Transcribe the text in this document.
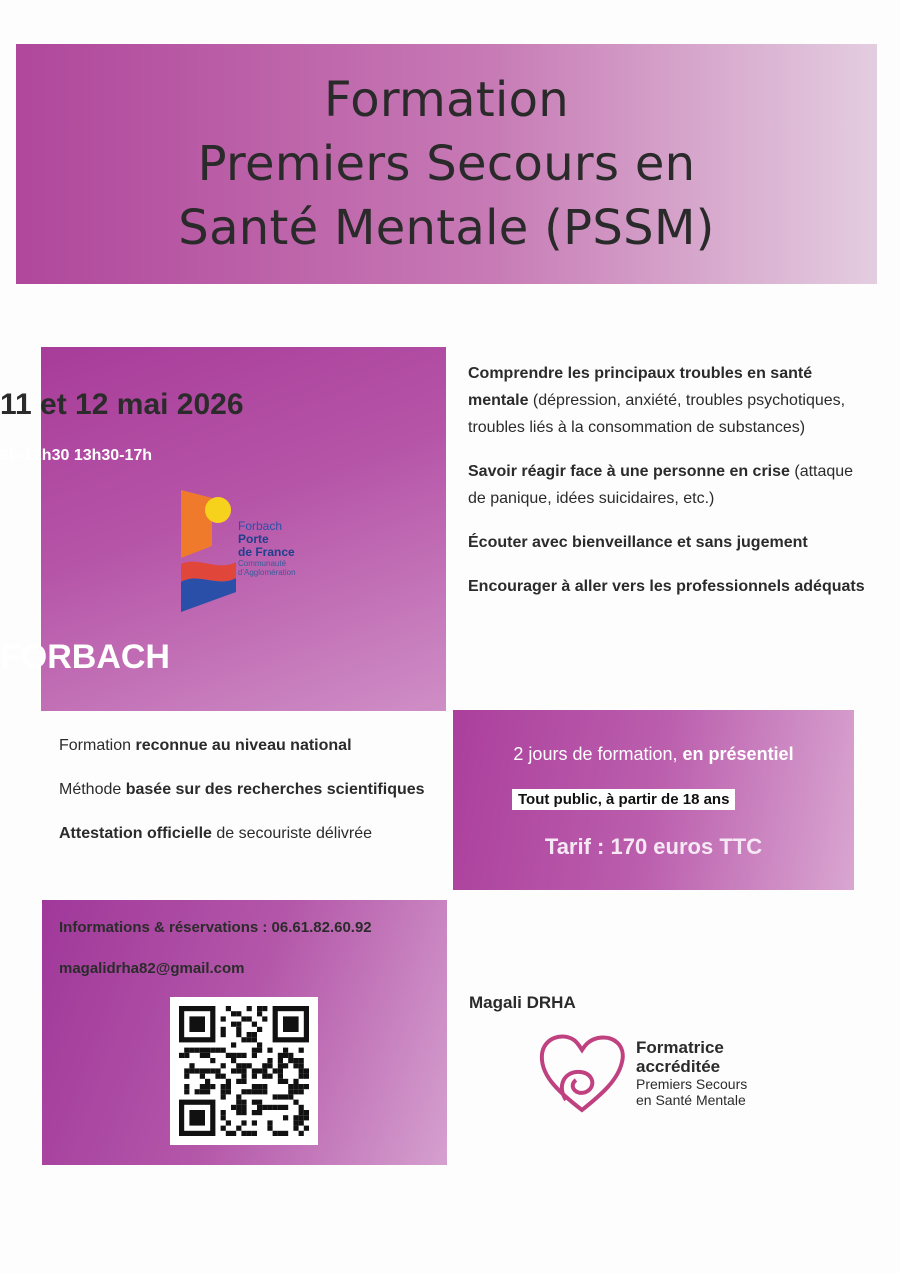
Formation
Premiers Secours en
Santé Mentale (PSSM)
11 et 12 mai 2026
9h-12h30 13h30-17h
Forbach
Porte
de France
Communauté
d'Agglomération
FORBACH

Comprendre les principaux troubles en santé mentale (dépression, anxiété, troubles psychotiques, troubles liés à la consommation de substances)

Savoir réagir face à une personne en crise (attaque de panique, idées suicidaires, etc.)

Écouter avec bienveillance et sans jugement

Encourager à aller vers les professionnels adéquats

Formation reconnue au niveau national

Méthode basée sur des recherches scientifiques

Attestation officielle de secouriste délivrée

2 jours de formation, en présentiel
Tout public, à partir de 18 ans
Tarif : 170 euros TTC
Informations & réservations : 06.61.82.60.92
magalidrha82@gmail.com
Magali DRHA
Formatrice
accréditée
Premiers Secours
en Santé Mentale
